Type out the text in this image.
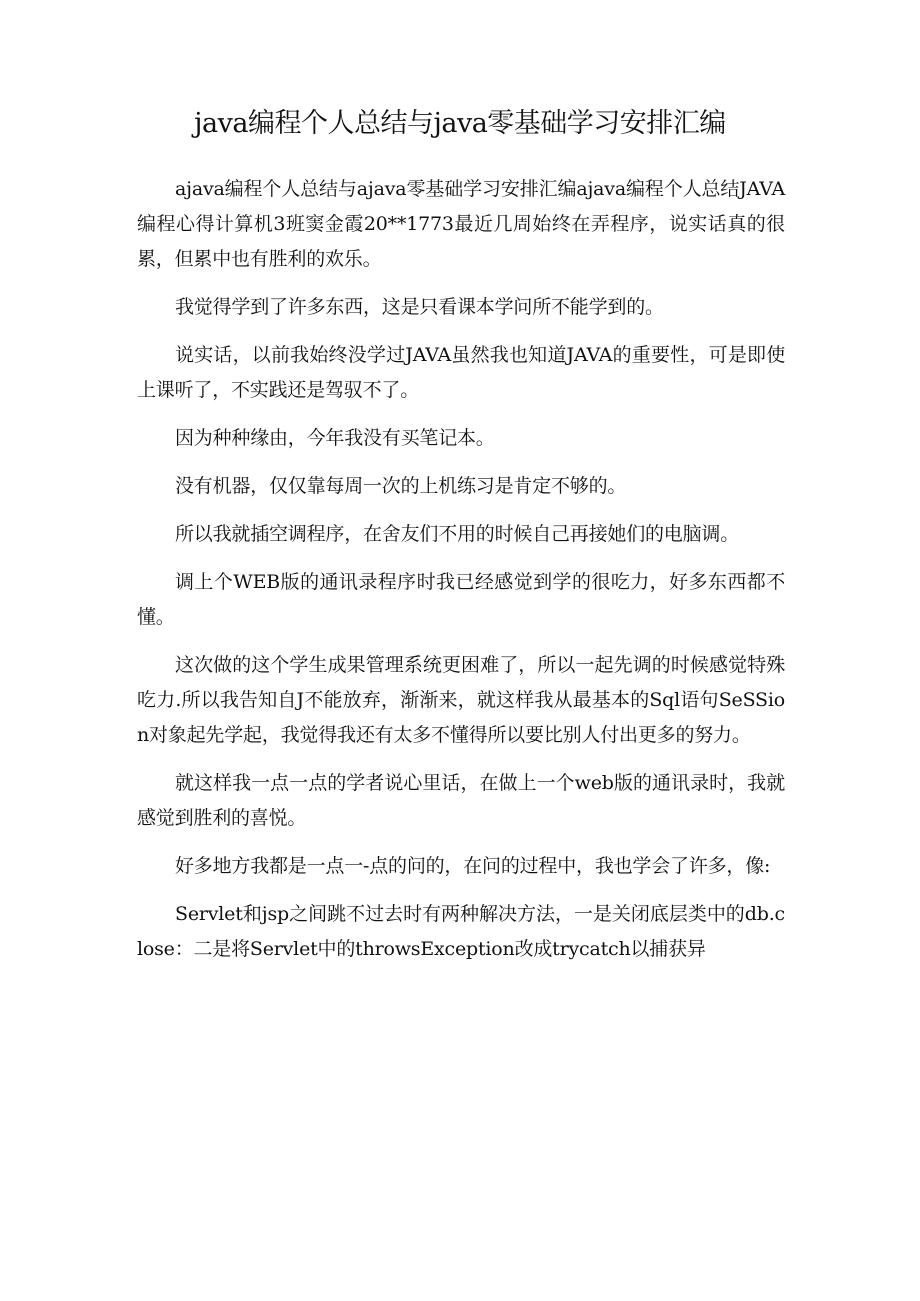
java编程个人总结与java零基础学习安排汇编

ajava编程个人总结与ajava零基础学习安排汇编ajava编程个人总结JAVA编程心得计算机3班窦金霞20**1773最近几周始终在弄程序，说实话真的很累，但累中也有胜利的欢乐。

我觉得学到了许多东西，这是只看课本学问所不能学到的。

说实话，以前我始终没学过JAVA虽然我也知道JAVA的重要性，可是即使上课听了，不实践还是驾驭不了。

因为种种缘由，今年我没有买笔记本。

没有机器，仅仅靠每周一次的上机练习是肯定不够的。

所以我就插空调程序，在舍友们不用的时候自己再接她们的电脑调。

调上个WEB版的通讯录程序时我已经感觉到学的很吃力，好多东西都不懂。

这次做的这个学生成果管理系统更困难了，所以一起先调的时候感觉特殊吃力.所以我告知自J不能放弃，渐渐来，就这样我从最基本的Sql语句SeSSion对象起先学起，我觉得我还有太多不懂得所以要比别人付出更多的努力。

就这样我一点一点的学者说心里话，在做上一个web版的通讯录时，我就感觉到胜利的喜悦。

好多地方我都是一点一-点的问的，在问的过程中，我也学会了许多，像:

Servlet和jsp之间跳不过去时有两种解决方法，一是关闭底层类中的db.close：二是将Servlet中的throwsException改成trycatch以捕获异
